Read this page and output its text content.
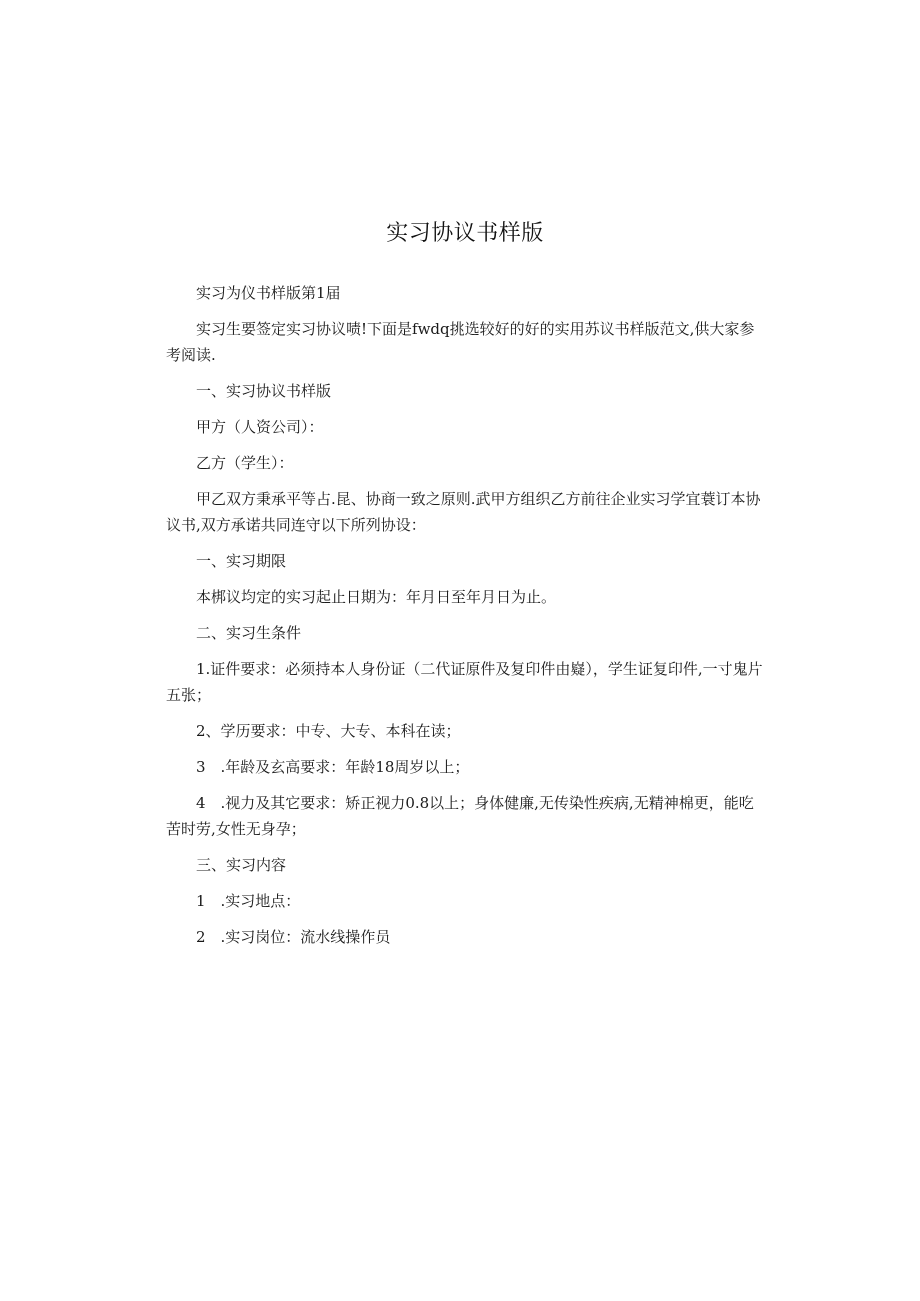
实习协议书样版

实习为仪书样版第1届

实习生要签定实习协议啧!下面是fwdq挑选较好的好的实用苏议书样版范文,供大家参考阅读.

一、实习协议书样版

甲方（人资公司）：

乙方（学生）：

甲乙双方秉承平等占.昆、协商一致之原则.武甲方组织乙方前往企业实习学宜蓑订本协议书,双方承诺共同连守以下所列协设：

一、实习期限

本梆议均定的实习起止日期为：年月日至年月日为止。

二、实习生条件

1.证件要求：必须持本人身份证（二代证原件及复印件由嶷），学生证复印件,一寸鬼片五张；

2、学历要求：中专、大专、本科在读；

3　.年龄及玄高要求：年龄18周岁以上；

4　.视力及其它要求：矫正视力0.8以上；身体健廉,无传染性疾病,无精神棉更，能吃苦时劳,女性无身孕；

三、实习内容

1　.实习地点：

2　.实习岗位：流水线操作员
